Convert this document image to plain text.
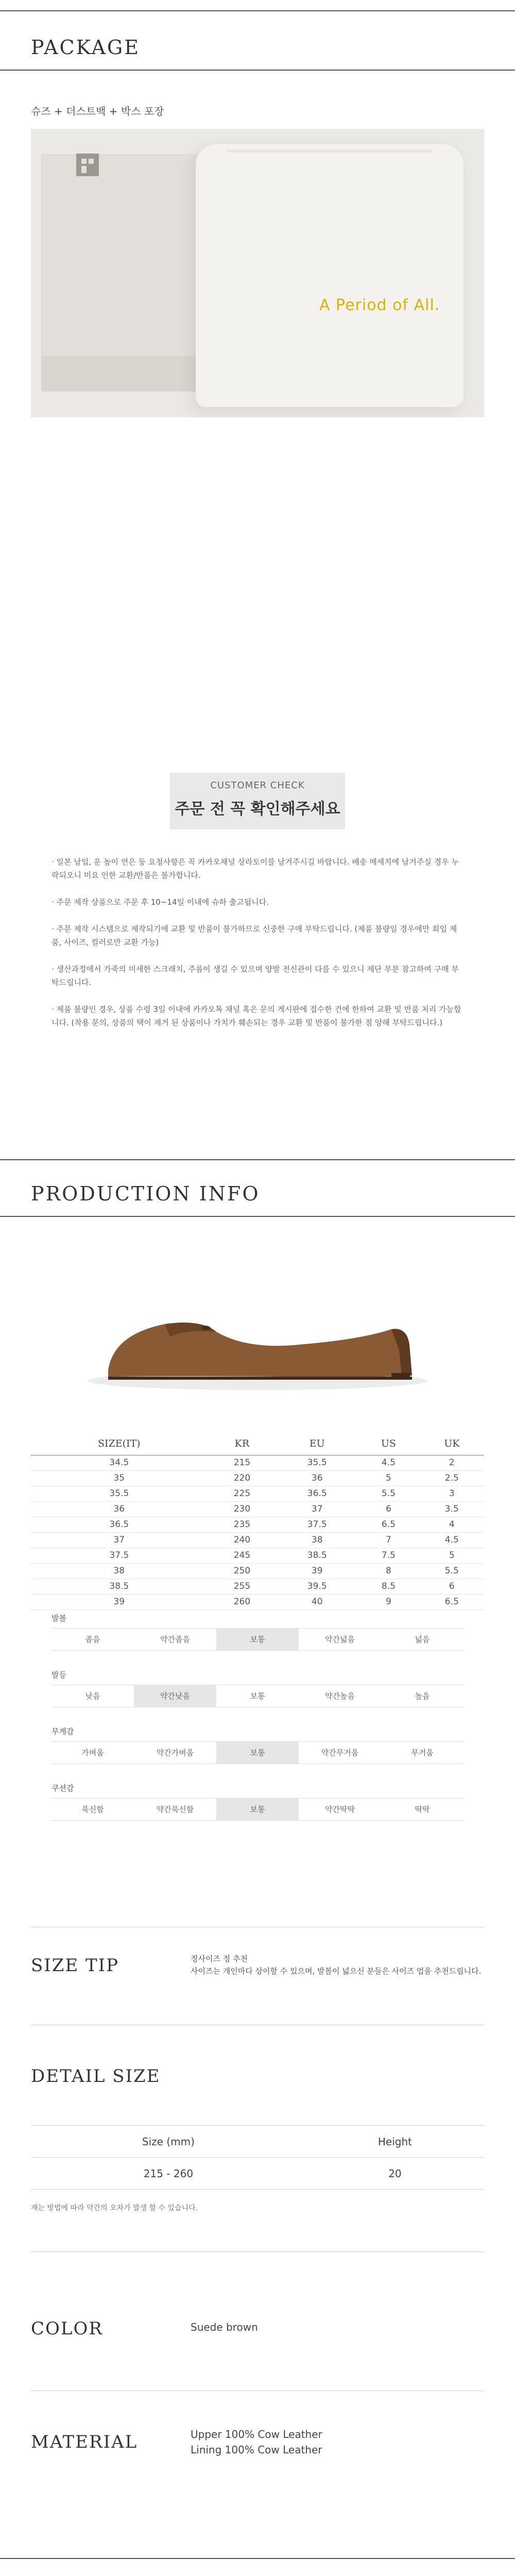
PACKAGE
슈즈 + 더스트백 + 박스 포장
A Period of All.
CUSTOMER CHECK
주문 전 꼭 확인해주세요

· 일본 남입, 운 높이 연은 둥 요청사항은 꼭 카카오채널 상라토이를 남겨주시길 바랍니다. 배송 메세지에 남겨주실 경우 누락되오니 미요 인한 교환/반품은 불가합니다.

· 주문 제작 상품으로 주문 후 10~14일 이내에 슈하 출고됩니다.

· 주문 제작 시스템으로 제작되기에 교환 및 반품이 불가하므로 신중한 구매 부탁드립니다. (제품 불량일 경우에만 회입 제품, 사이즈, 컬러로만 교환 가능)

· 생산과정에서 가죽의 미세한 스크래치, 주름이 생길 수 있으며 양발 전신관이 다를 수 있으니 제단 부분 참고하여 구매 부탁드립니다.

· 제품 불량인 경우, 상품 수령 3일 이내에 카카오톡 채널 혹은 문의 게시판에 접수한 건에 한하여 교환 및 반품 처리 가능합니다. (착용 문의, 상품의 택이 제거 된 상품이나 가치가 훼손되는 경우 교환 및 반품이 불가한 점 양해 부탁드립니다.)

PRODUCTION INFO
SIZE(IT)	KR	EU	US	UK
34.5	215	35.5	4.5	2
35	220	36	5	2.5
35.5	225	36.5	5.5	3
36	230	37	6	3.5
36.5	235	37.5	6.5	4
37	240	38	7	4.5
37.5	245	38.5	7.5	5
38	250	39	8	5.5
38.5	255	39.5	8.5	6
39	260	40	9	6.5
발볼
좁음	약간좁음	보통	약간넓음	넓음
발등
낮음	약간낮음	보통	약간높음	높음
무게감
가벼움	약간가벼움	보통	약간무거움	무거움
쿠션감
푹신함	약간푹신함	보통	약간딱딱	딱딱
SIZE TIP	정사이즈 정 추천
사이즈는 개인마다 상이할 수 있으며, 발볼이 넓으신 분들은 사이즈 업을 추천드립니다.
DETAIL SIZE
Size (mm)	Height
215 - 260	20
재는 방법에 따라 약간의 오차가 발생 할 수 있습니다.
COLOR	Suede brown
MATERIAL	Upper 100% Cow Leather
Lining 100% Cow Leather
